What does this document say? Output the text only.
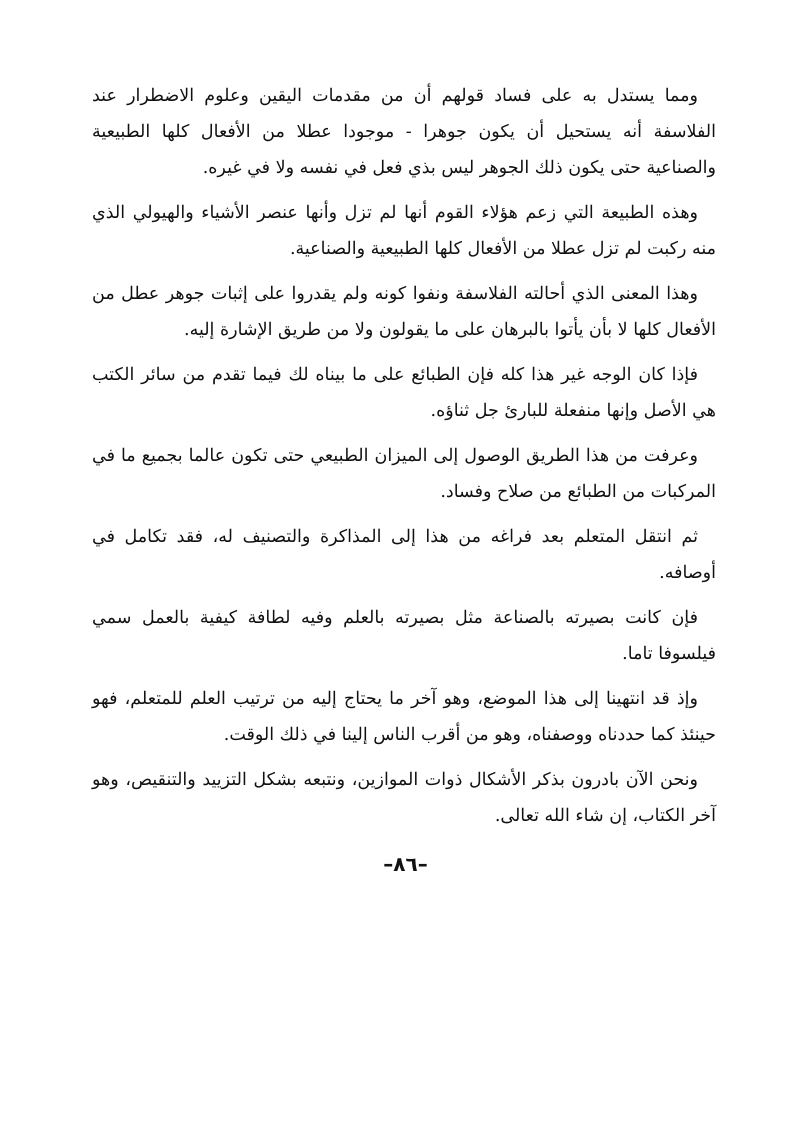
ومما يستدل به على فساد قولهم أن من مقدمات اليقين وعلوم الاضطرار عند الفلاسفة أنه يستحيل أن يكون جوهرا - موجودا عطلا من الأفعال كلها الطبيعية والصناعية حتى يكون ذلك الجوهر ليس بذي فعل في نفسه ولا في غيره.

وهذه الطبيعة التي زعم هؤلاء القوم أنها لم تزل وأنها عنصر الأشياء والهيولي الذي منه ركبت لم تزل عطلا من الأفعال كلها الطبيعية والصناعية.

وهذا المعنى الذي أحالته الفلاسفة ونفوا كونه ولم يقدروا على إثبات جوهر عطل من الأفعال كلها لا بأن يأتوا بالبرهان على ما يقولون ولا من طريق الإشارة إليه.

فإذا كان الوجه غير هذا كله فإن الطبائع على ما بيناه لك فيما تقدم من سائر الكتب هي الأصل وإنها منفعلة للبارئ جل ثناؤه.

وعرفت من هذا الطريق الوصول إلى الميزان الطبيعي حتى تكون عالما بجميع ما في المركبات من الطبائع من صلاح وفساد.

ثم انتقل المتعلم بعد فراغه من هذا إلى المذاكرة والتصنيف له، فقد تكامل في أوصافه.

فإن كانت بصيرته بالصناعة مثل بصيرته بالعلم وفيه لطافة كيفية بالعمل سمي فيلسوفا تاما.

وإذ قد انتهينا إلى هذا الموضع، وهو آخر ما يحتاج إليه من ترتيب العلم للمتعلم، فهو حينئذ كما حددناه ووصفناه، وهو من أقرب الناس إلينا في ذلك الوقت.

ونحن الآن بادرون بذكر الأشكال ذوات الموازين، ونتبعه بشكل التزييد والتنقيص، وهو آخر الكتاب، إن شاء الله تعالى.

–٨٦–
